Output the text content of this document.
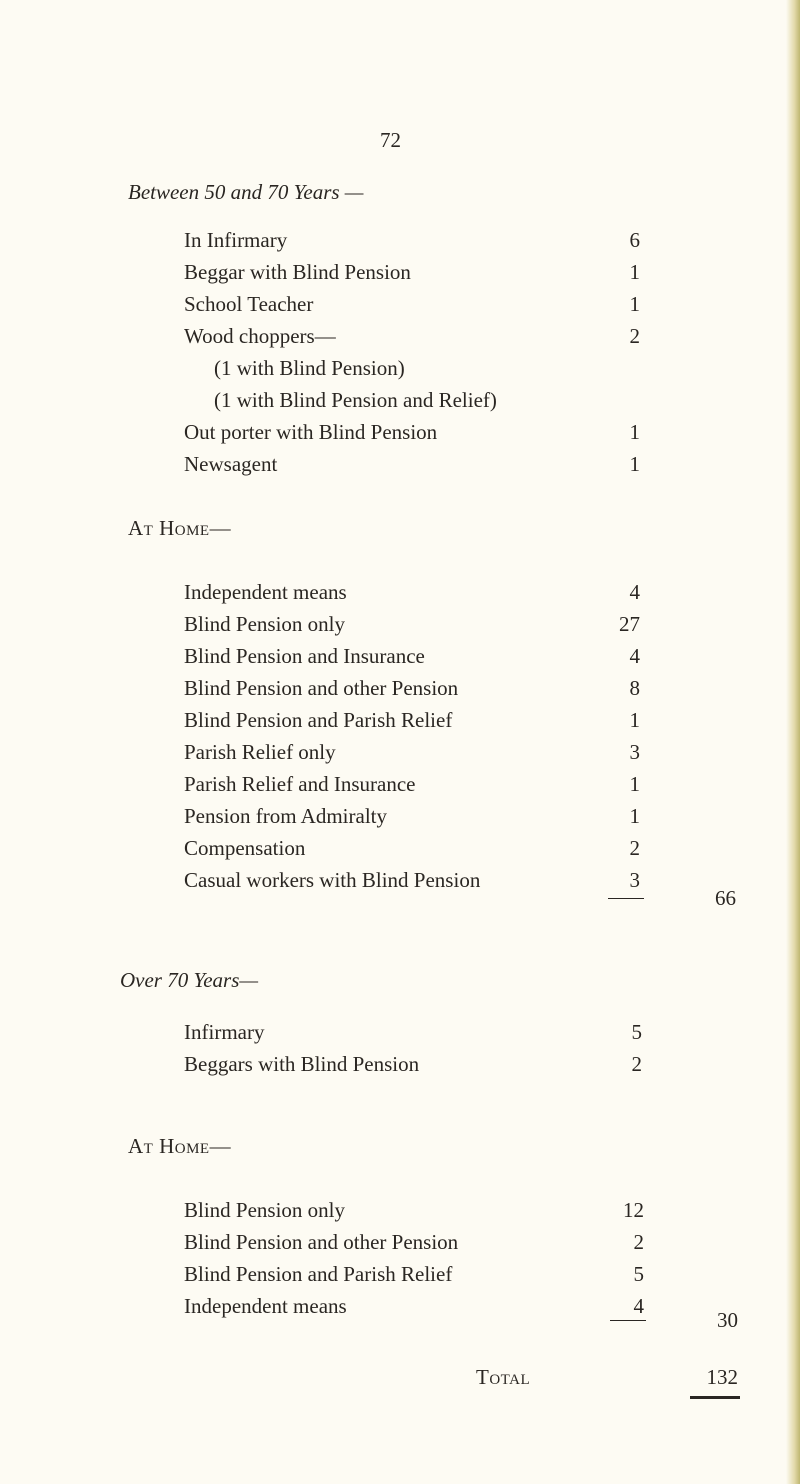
72
Between 50 and 70 Years —
In Infirmary	6
Beggar with Blind Pension	1
School Teacher	1
Wood choppers—	2
(1 with Blind Pension)
(1 with Blind Pension and Relief)
Out porter with Blind Pension	1
Newsagent	1
At Home—
Independent means	4
Blind Pension only	27
Blind Pension and Insurance	4
Blind Pension and other Pension	8
Blind Pension and Parish Relief	1
Parish Relief only	3
Parish Relief and Insurance	1
Pension from Admiralty	1
Compensation	2
Casual workers with Blind Pension	3
66
Over 70 Years—
Infirmary	5
Beggars with Blind Pension	2
At Home—
Blind Pension only	12
Blind Pension and other Pension	2
Blind Pension and Parish Relief	5
Independent means	4
30
Total	132
